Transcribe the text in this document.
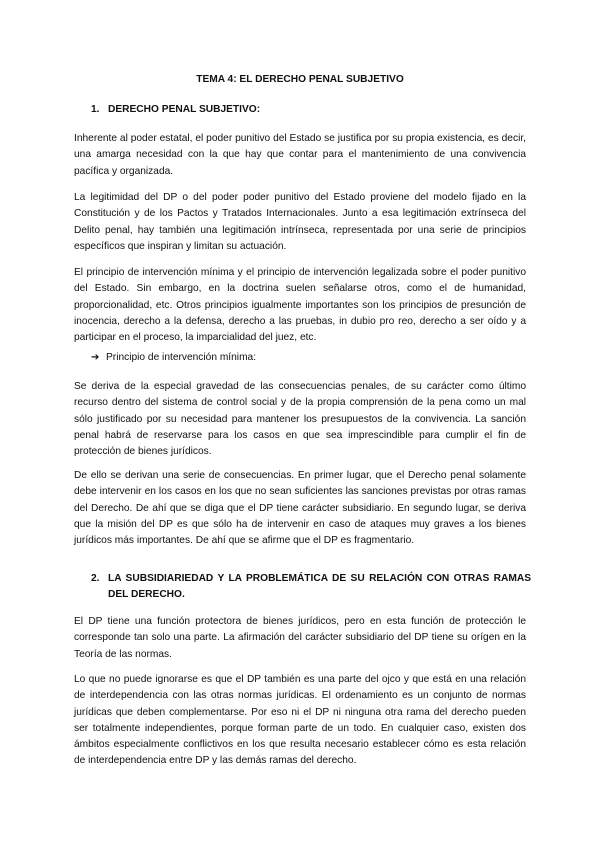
TEMA 4: EL DERECHO PENAL SUBJETIVO
1. DERECHO PENAL SUBJETIVO:

Inherente al poder estatal, el poder punitivo del Estado se justifica por su propia existencia, es decir, una amarga necesidad con la que hay que contar para el mantenimiento de una convivencia pacífica y organizada.

La legitimidad del DP o del poder poder punitivo del Estado proviene del modelo fijado en la Constitución y de los Pactos y Tratados Internacionales. Junto a esa legitimación extrínseca del Delito penal, hay también una legitimación intrínseca, representada por una serie de principios específicos que inspiran y limitan su actuación.

El principio de intervención mínima y el principio de intervención legalizada sobre el poder punitivo del Estado. Sin embargo, en la doctrina suelen señalarse otros, como el de humanidad, proporcionalidad, etc. Otros principios igualmente importantes son los principios de presunción de inocencia, derecho a la defensa, derecho a las pruebas, in dubio pro reo, derecho a ser oído y a participar en el proceso, la imparcialidad del juez, etc.

➔ Principio de intervención mínima:

Se deriva de la especial gravedad de las consecuencias penales, de su carácter como último recurso dentro del sistema de control social y de la propia comprensión de la pena como un mal sólo justificado por su necesidad para mantener los presupuestos de la convivencia. La sanción penal habrá de reservarse para los casos en que sea imprescindible para cumplir el fin de protección de bienes jurídicos.

De ello se derivan una serie de consecuencias. En primer lugar, que el Derecho penal solamente debe intervenir en los casos en los que no sean suficientes las sanciones previstas por otras ramas del Derecho. De ahí que se diga que el DP tiene carácter subsidiario. En segundo lugar, se deriva que la misión del DP es que sólo ha de intervenir en caso de ataques muy graves a los bienes jurídicos más importantes. De ahí que se afirme que el DP es fragmentario.

2. LA SUBSIDIARIEDAD Y LA PROBLEMÁTICA DE SU RELACIÓN CON OTRAS RAMAS DEL DERECHO.

El DP tiene una función protectora de bienes jurídicos, pero en esta función de protección le corresponde tan solo una parte. La afirmación del carácter subsidiario del DP tiene su orígen en la Teoría de las normas.

Lo que no puede ignorarse es que el DP también es una parte del ojco y que está en una relación de interdependencia con las otras normas jurídicas. El ordenamiento es un conjunto de normas jurídicas que deben complementarse. Por eso ni el DP ni ninguna otra rama del derecho pueden ser totalmente independientes, porque forman parte de un todo. En cualquier caso, existen dos ámbitos especialmente conflictivos en los que resulta necesario establecer cómo es esta relación de interdependencia entre DP y las demás ramas del derecho.
